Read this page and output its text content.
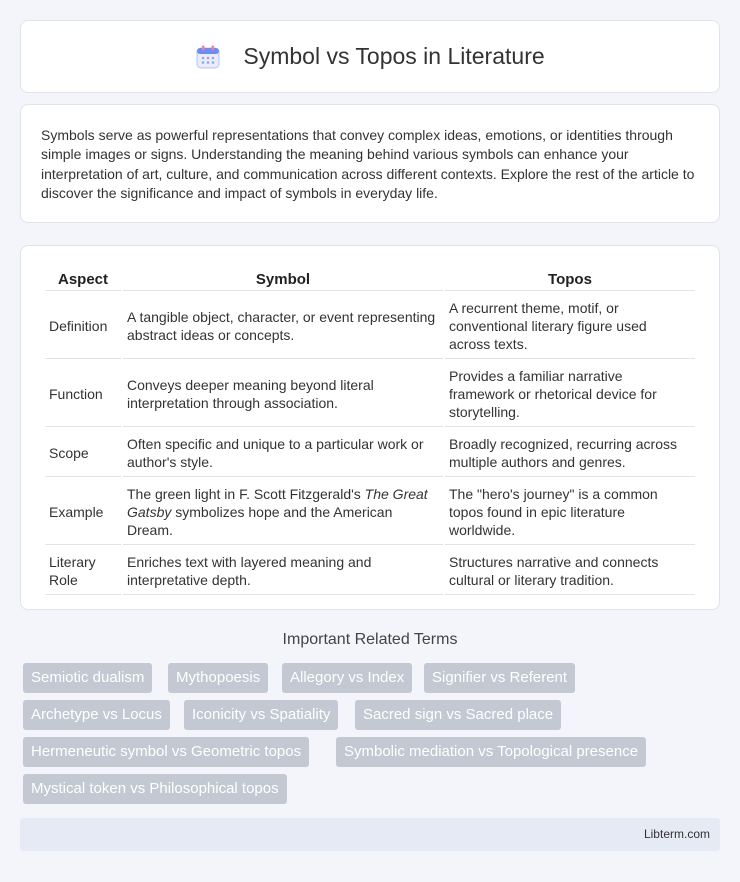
Symbol vs Topos in Literature

Symbols serve as powerful representations that convey complex ideas, emotions, or identities through simple images or signs. Understanding the meaning behind various symbols can enhance your interpretation of art, culture, and communication across different contexts. Explore the rest of the article to discover the significance and impact of symbols in everyday life.

Aspect	Symbol	Topos
Definition	A tangible object, character, or event representing abstract ideas or concepts.	A recurrent theme, motif, or conventional literary figure used across texts.
Function	Conveys deeper meaning beyond literal interpretation through association.	Provides a familiar narrative framework or rhetorical device for storytelling.
Scope	Often specific and unique to a particular work or author's style.	Broadly recognized, recurring across multiple authors and genres.
Example	The green light in F. Scott Fitzgerald's The Great Gatsby symbolizes hope and the American Dream.	The "hero's journey" is a common topos found in epic literature worldwide.
Literary Role	Enriches text with layered meaning and interpretative depth.	Structures narrative and connects cultural or literary tradition.
Important Related Terms
Semiotic dualism	Mythopoesis	Allegory vs Index	Signifier vs Referent
Archetype vs Locus	Iconicity vs Spatiality	Sacred sign vs Sacred place
Hermeneutic symbol vs Geometric topos	Symbolic mediation vs Topological presence
Mystical token vs Philosophical topos
Libterm.com
